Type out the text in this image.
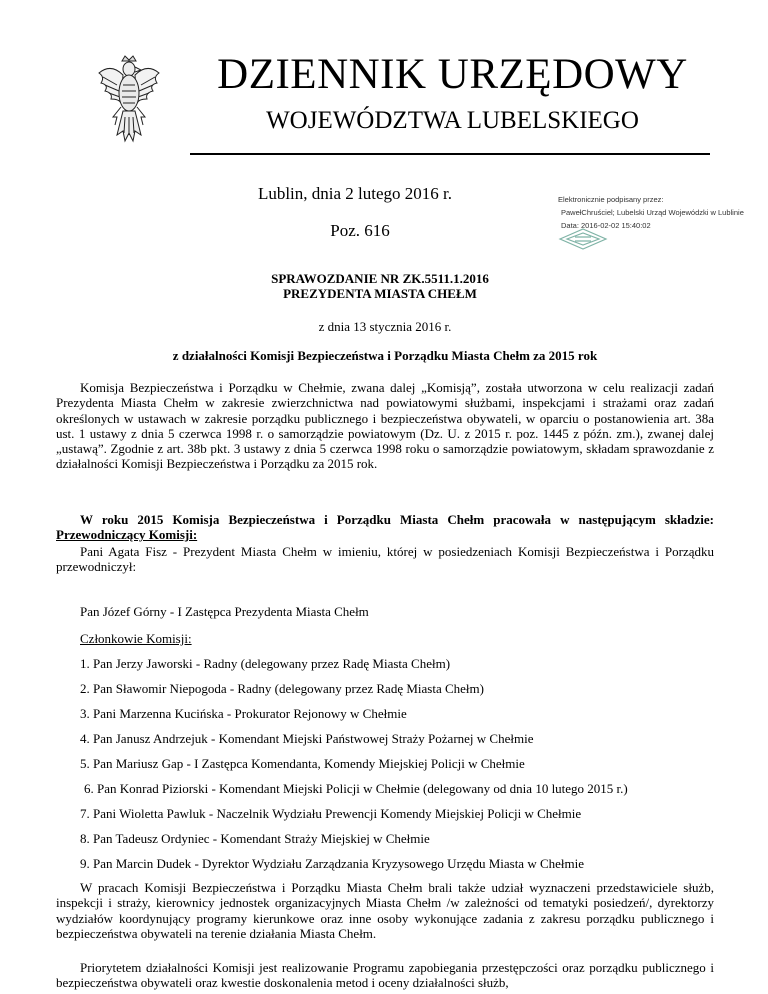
DZIENNIK URZĘDOWY
WOJEWÓDZTWA LUBELSKIEGO
Lublin, dnia 2 lutego 2016 r.
Poz. 616
Elektronicznie podpisany przez:
PawełChruściel; Lubelski Urząd Wojewódzki w Lublinie
Data: 2016-02-02 15:40:02
SPRAWOZDANIE NR ZK.5511.1.2016
PREZYDENTA MIASTA CHEŁM
z dnia 13 stycznia 2016 r.
z działalności Komisji Bezpieczeństwa i Porządku Miasta Chełm za 2015 rok
Komisja Bezpieczeństwa i Porządku w Chełmie, zwana dalej „Komisją”, została utworzona w celu realizacji zadań Prezydenta Miasta Chełm w zakresie zwierzchnictwa nad powiatowymi służbami, inspekcjami i strażami oraz zadań określonych w ustawach w zakresie porządku publicznego i bezpieczeństwa obywateli, w oparciu o postanowienia art. 38a ust. 1 ustawy z dnia 5 czerwca 1998 r. o samorządzie powiatowym (Dz. U. z 2015 r. poz. 1445 z późn. zm.), zwanej dalej „ustawą”. Zgodnie z art. 38b pkt. 3 ustawy z dnia 5 czerwca 1998 roku o samorządzie powiatowym, składam sprawozdanie z działalności Komisji Bezpieczeństwa i Porządku za 2015 rok.
W roku 2015 Komisja Bezpieczeństwa i Porządku Miasta Chełm pracowała w następującym składzie: Przewodniczący Komisji:
Pani Agata Fisz - Prezydent Miasta Chełm w imieniu, której w posiedzeniach Komisji Bezpieczeństwa i Porządku przewodniczył:
Pan Józef Górny - I Zastępca Prezydenta Miasta Chełm
Członkowie Komisji:
1. Pan Jerzy Jaworski - Radny (delegowany przez Radę Miasta Chełm)
2. Pan Sławomir Niepogoda - Radny (delegowany przez Radę Miasta Chełm)
3. Pani Marzenna Kucińska - Prokurator Rejonowy w Chełmie
4. Pan Janusz Andrzejuk - Komendant Miejski Państwowej Straży Pożarnej w Chełmie
5. Pan Mariusz Gap - I Zastępca Komendanta, Komendy Miejskiej Policji w Chełmie
6. Pan Konrad Piziorski - Komendant Miejski Policji w Chełmie (delegowany od dnia 10 lutego 2015 r.)
7. Pani Wioletta Pawluk - Naczelnik Wydziału Prewencji Komendy Miejskiej Policji w Chełmie
8. Pan Tadeusz Ordyniec - Komendant Straży Miejskiej w Chełmie
9. Pan Marcin Dudek - Dyrektor Wydziału Zarządzania Kryzysowego Urzędu Miasta w Chełmie
W pracach Komisji Bezpieczeństwa i Porządku Miasta Chełm brali także udział wyznaczeni przedstawiciele służb, inspekcji i straży, kierownicy jednostek organizacyjnych Miasta Chełm /w zależności od tematyki posiedzeń/, dyrektorzy wydziałów koordynujący programy kierunkowe oraz inne osoby wykonujące zadania z zakresu porządku publicznego i bezpieczeństwa obywateli na terenie działania Miasta Chełm.
Priorytetem działalności Komisji jest realizowanie Programu zapobiegania przestępczości oraz porządku publicznego i bezpieczeństwa obywateli oraz kwestie doskonalenia metod i oceny działalności służb,
